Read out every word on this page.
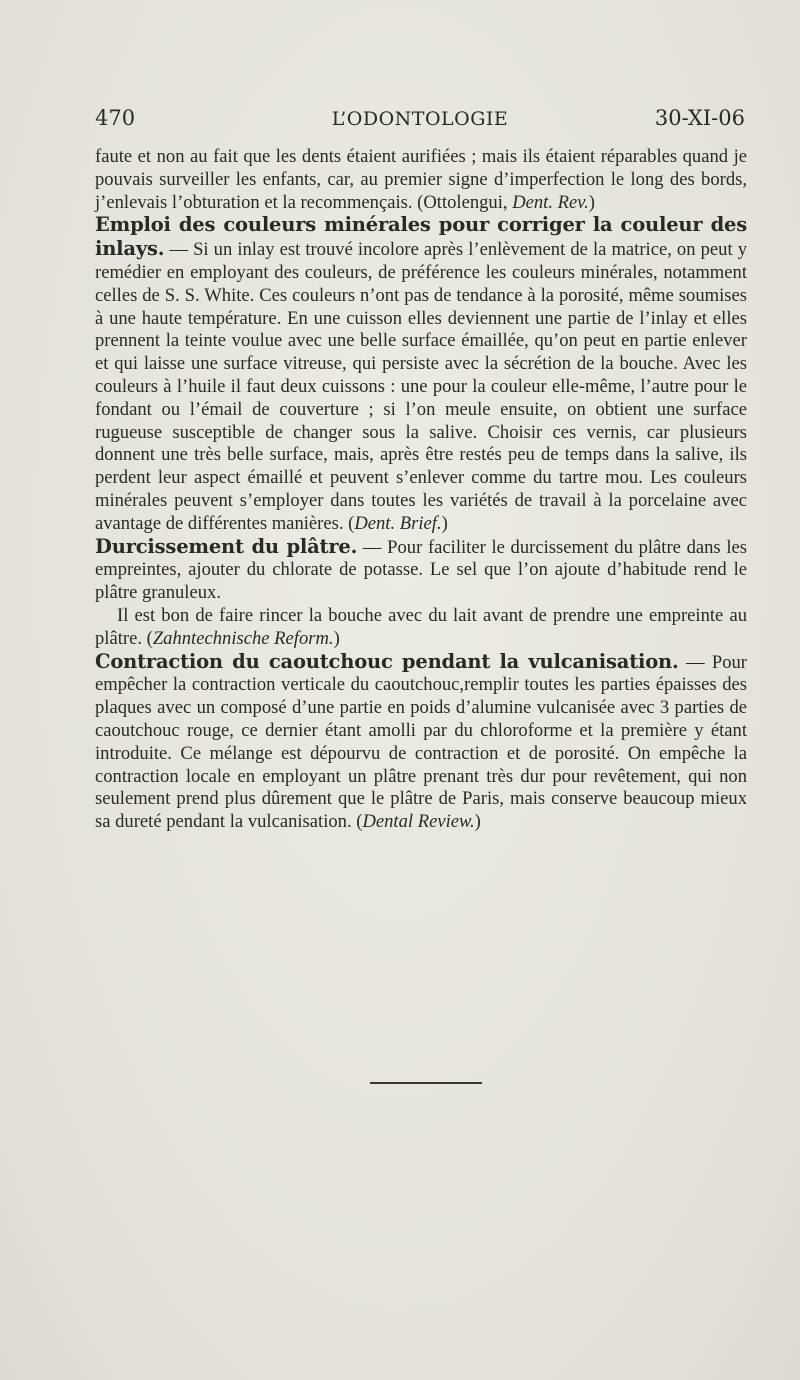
470	L’ODONTOLOGIE	30-XI-06

faute et non au fait que les dents étaient aurifiées ; mais ils étaient réparables quand je pouvais surveiller les enfants, car, au premier signe d’imperfection le long des bords, j’enlevais l’obturation et la recommençais. (Ottolengui, Dent. Rev.)

Emploi des couleurs minérales pour corriger la couleur des inlays. — Si un inlay est trouvé incolore après l’enlèvement de la matrice, on peut y remédier en employant des couleurs, de préférence les couleurs minérales, notamment celles de S. S. White. Ces couleurs n’ont pas de tendance à la porosité, même soumises à une haute température. En une cuisson elles deviennent une partie de l’inlay et elles prennent la teinte voulue avec une belle surface émaillée, qu’on peut en partie enlever et qui laisse une surface vitreuse, qui persiste avec la sécrétion de la bouche. Avec les couleurs à l’huile il faut deux cuissons : une pour la couleur elle-même, l’autre pour le fondant ou l’émail de couverture ; si l’on meule ensuite, on obtient une surface rugueuse susceptible de changer sous la salive. Choisir ces vernis, car plusieurs donnent une très belle surface, mais, après être restés peu de temps dans la salive, ils perdent leur aspect émaillé et peuvent s’enlever comme du tartre mou. Les couleurs minérales peuvent s’employer dans toutes les variétés de travail à la porcelaine avec avantage de différentes manières. (Dent. Brief.)

Durcissement du plâtre. — Pour faciliter le durcissement du plâtre dans les empreintes, ajouter du chlorate de potasse. Le sel que l’on ajoute d’habitude rend le plâtre granuleux.

Il est bon de faire rincer la bouche avec du lait avant de prendre une empreinte au plâtre. (Zahntechnische Reform.)

Contraction du caoutchouc pendant la vulcanisation. — Pour empêcher la contraction verticale du caoutchouc,remplir toutes les parties épaisses des plaques avec un composé d’une partie en poids d’alumine vulcanisée avec 3 parties de caoutchouc rouge, ce dernier étant amolli par du chloroforme et la première y étant introduite. Ce mélange est dépourvu de contraction et de porosité. On empêche la contraction locale en employant un plâtre prenant très dur pour revêtement, qui non seulement prend plus dûrement que le plâtre de Paris, mais conserve beaucoup mieux sa dureté pendant la vulcanisation. (Dental Review.)
